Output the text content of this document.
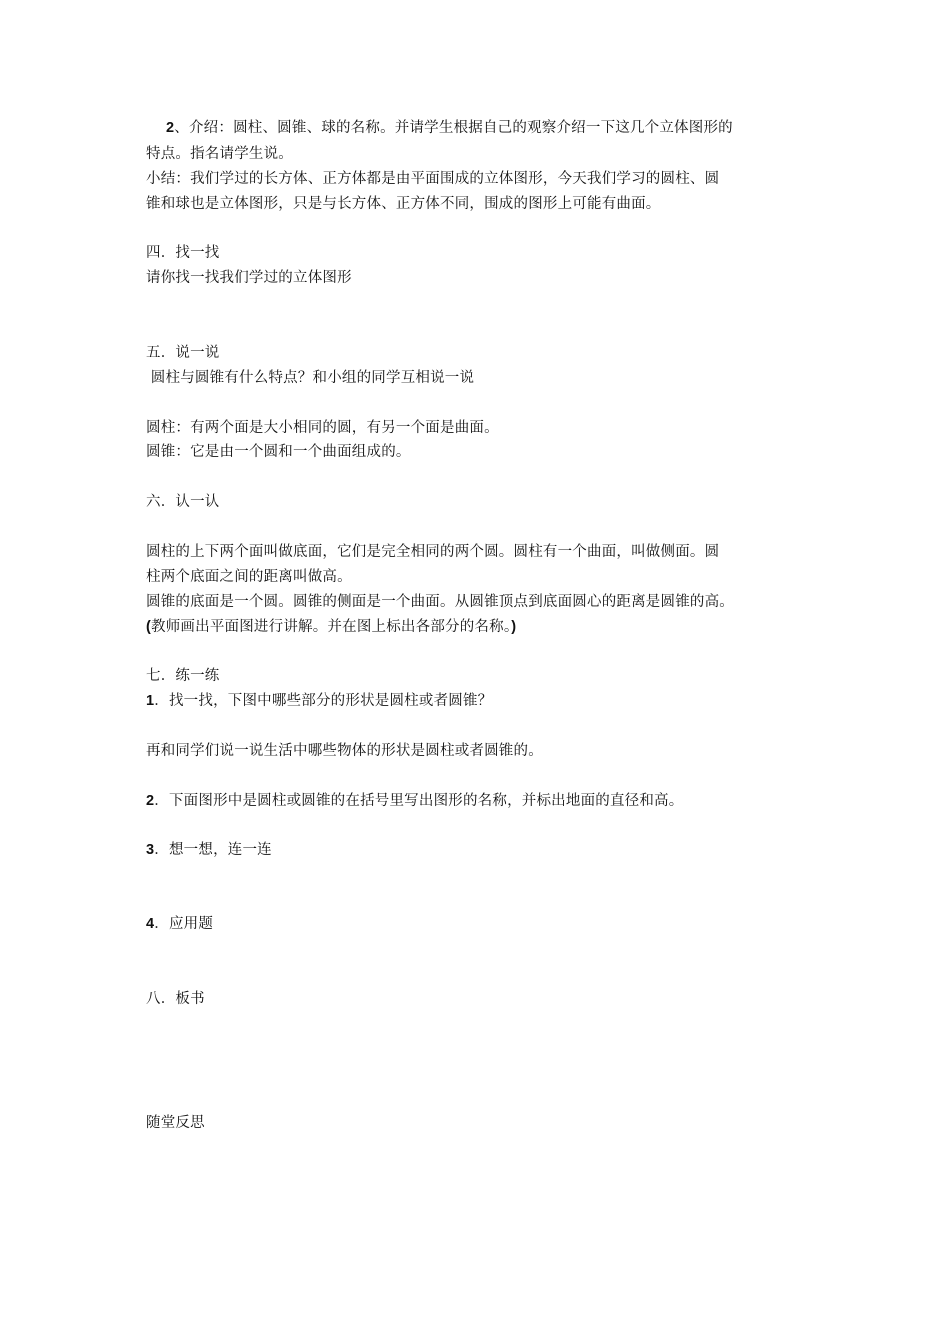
2、介绍：圆柱、圆锥、球的名称。并请学生根据自己的观察介绍一下这几个立体图形的
特点。指名请学生说。
小结：我们学过的长方体、正方体都是由平面围成的立体图形，今天我们学习的圆柱、圆
锥和球也是立体图形，只是与长方体、正方体不同，围成的图形上可能有曲面。
四．找一找
请你找一找我们学过的立体图形
五．说一说
圆柱与圆锥有什么特点？和小组的同学互相说一说
圆柱：有两个面是大小相同的圆，有另一个面是曲面。
圆锥：它是由一个圆和一个曲面组成的。
六．认一认
圆柱的上下两个面叫做底面，它们是完全相同的两个圆。圆柱有一个曲面，叫做侧面。圆
柱两个底面之间的距离叫做高。
圆锥的底面是一个圆。圆锥的侧面是一个曲面。从圆锥顶点到底面圆心的距离是圆锥的高。
(教师画出平面图进行讲解。并在图上标出各部分的名称。)
七．练一练
1．找一找，下图中哪些部分的形状是圆柱或者圆锥？
再和同学们说一说生活中哪些物体的形状是圆柱或者圆锥的。
2．下面图形中是圆柱或圆锥的在括号里写出图形的名称，并标出地面的直径和高。
3．想一想，连一连
4．应用题
八．板书
随堂反思
